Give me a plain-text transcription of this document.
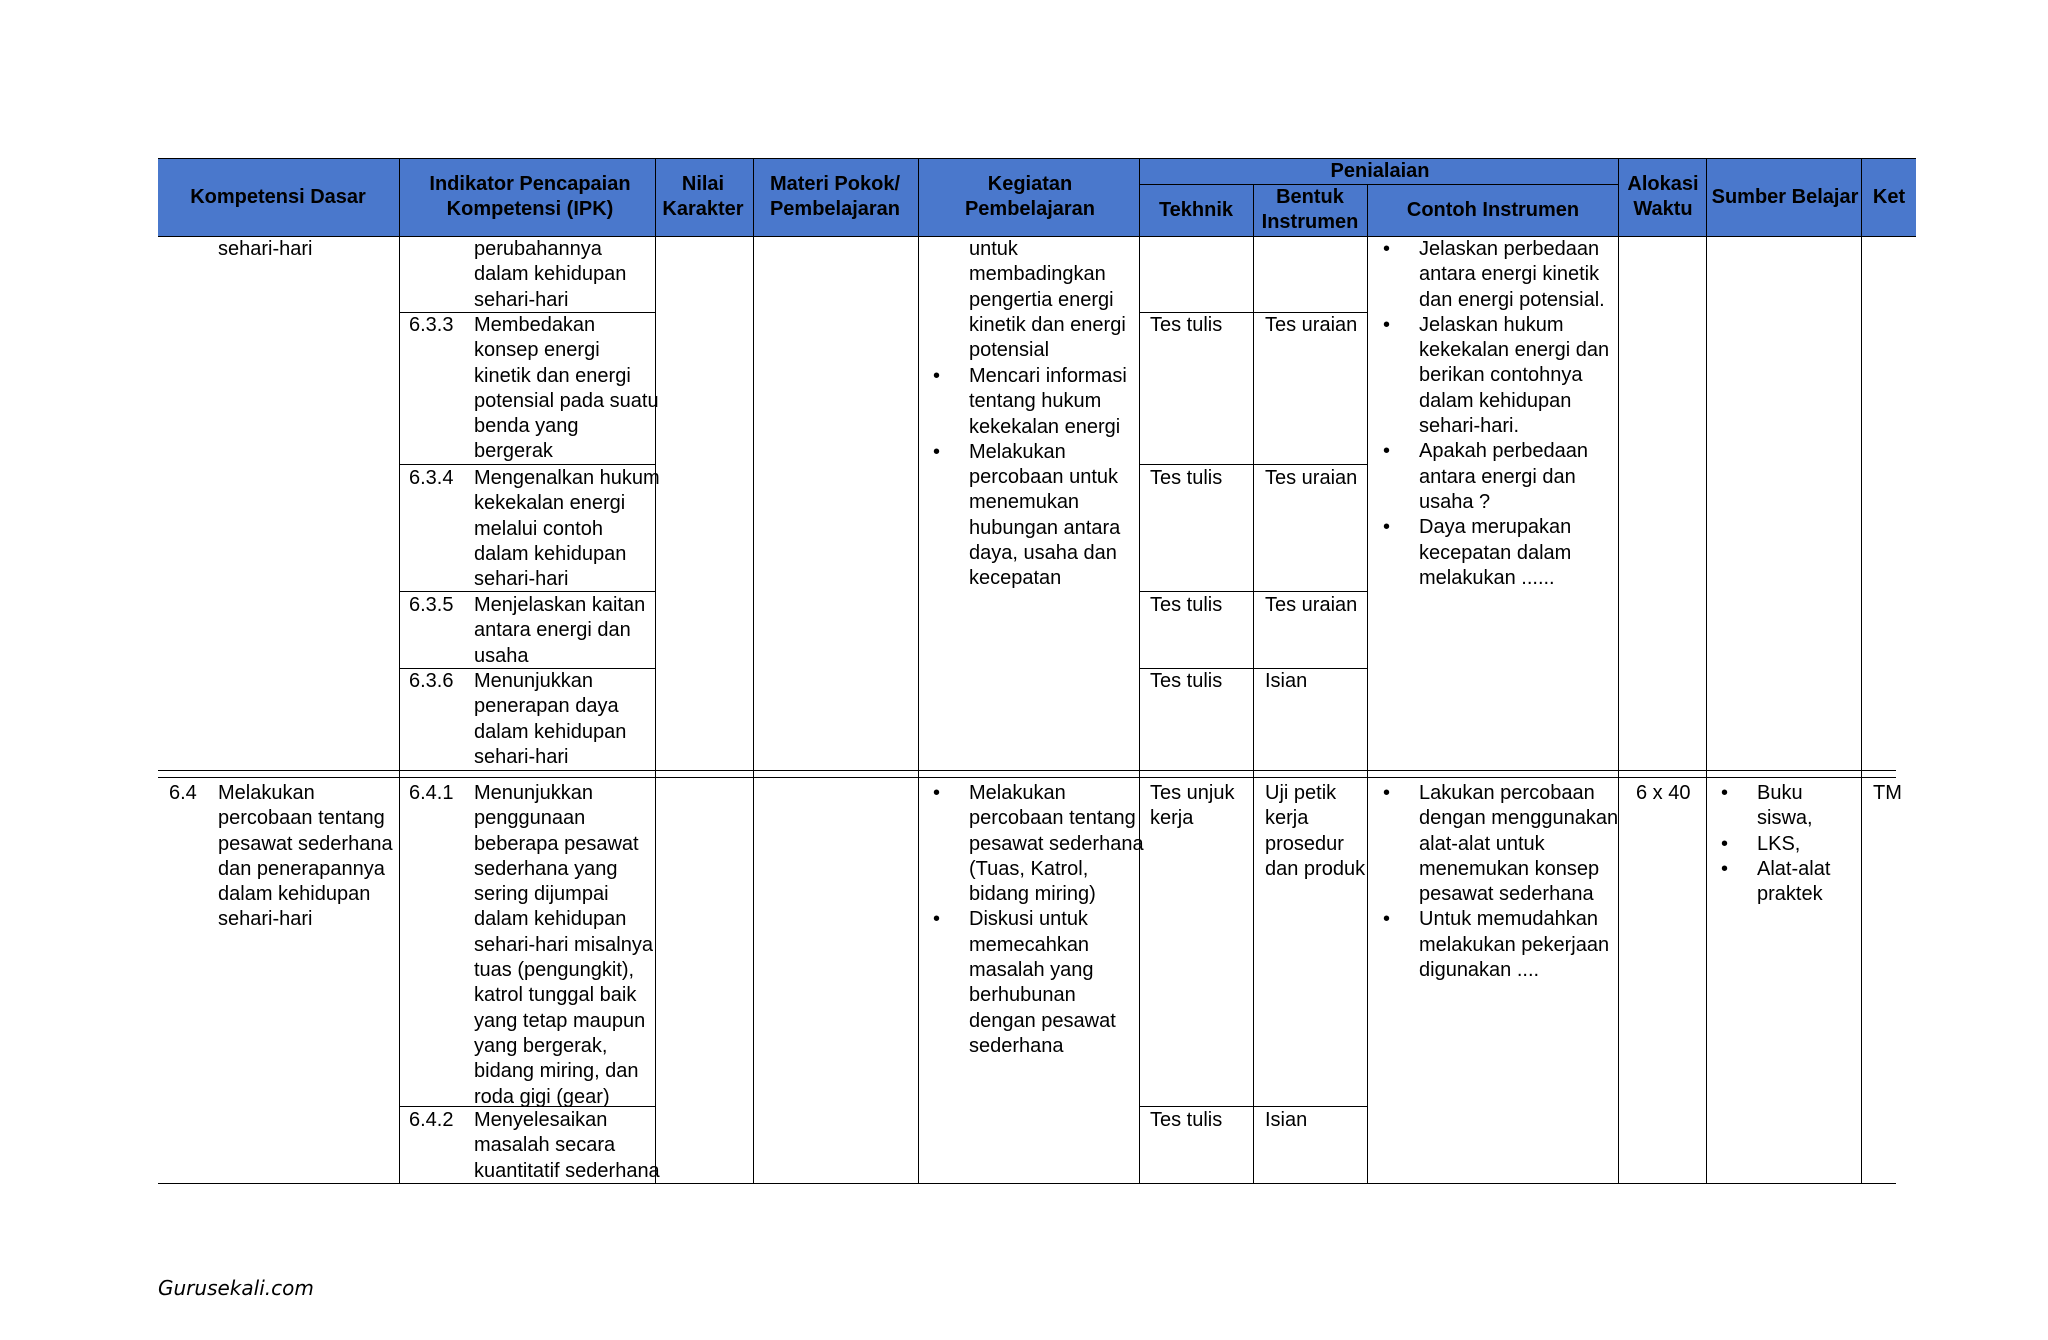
Kompetensi Dasar
Indikator Pencapaian Kompetensi (IPK)
Nilai Karakter
Materi Pokok/ Pembelajaran
Kegiatan Pembelajaran
Penialaian
Tekhnik
Bentuk Instrumen
Contoh Instrumen
Alokasi Waktu
Sumber Belajar Ket
sehari-hari	perubahannya
dalam kehidupan
sehari-hari
6.3.3 Membedakan
konsep energi
kinetik dan energi
potensial pada suatu
benda yang
bergerak
6.3.4 Mengenalkan hukum
kekekalan energi
melalui contoh
dalam kehidupan
sehari-hari
6.3.5 Menjelaskan kaitan
antara energi dan
usaha
6.3.6 Menunjukkan
penerapan daya
dalam kehidupan
sehari-hari
untuk
membadingkan
pengertia energi
kinetik dan energi
potensial
• Mencari informasi
tentang hukum
kekekalan energi
• Melakukan
percobaan untuk
menemukan
hubungan antara
daya, usaha dan
kecepatan
Tes tulis
Tes tulis
Tes tulis
Tes tulis
Tes uraian
Tes uraian
Tes uraian
Isian
• Jelaskan perbedaan
antara energi kinetik
dan energi potensial.
• Jelaskan hukum
kekekalan energi dan
berikan contohnya
dalam kehidupan
sehari-hari.
• Apakah perbedaan
antara energi dan
usaha ?
• Daya merupakan
kecepatan dalam
melakukan ......
6.4 Melakukan
percobaan tentang
pesawat sederhana
dan penerapannya
dalam kehidupan
sehari-hari
6.4.1 Menunjukkan
penggunaan
beberapa pesawat
sederhana yang
sering dijumpai
dalam kehidupan
sehari-hari misalnya
tuas (pengungkit),
katrol tunggal baik
yang tetap maupun
yang bergerak,
bidang miring, dan
roda gigi (gear)
6.4.2 Menyelesaikan
masalah secara
kuantitatif sederhana
• Melakukan
percobaan tentang
pesawat sederhana
(Tuas, Katrol,
bidang miring)
• Diskusi untuk
memecahkan
masalah yang
berhubunan
dengan pesawat
sederhana
Tes unjuk
kerja
Tes tulis
Uji petik
kerja
prosedur
dan produk
Isian
• Lakukan percobaan
dengan menggunakan
alat-alat untuk
menemukan konsep
pesawat sederhana
• Untuk memudahkan
melakukan pekerjaan
digunakan ....
6 x 40
•	Buku
siswa,
• LKS,
• Alat-alat
praktek
TM
Gurusekali.com
